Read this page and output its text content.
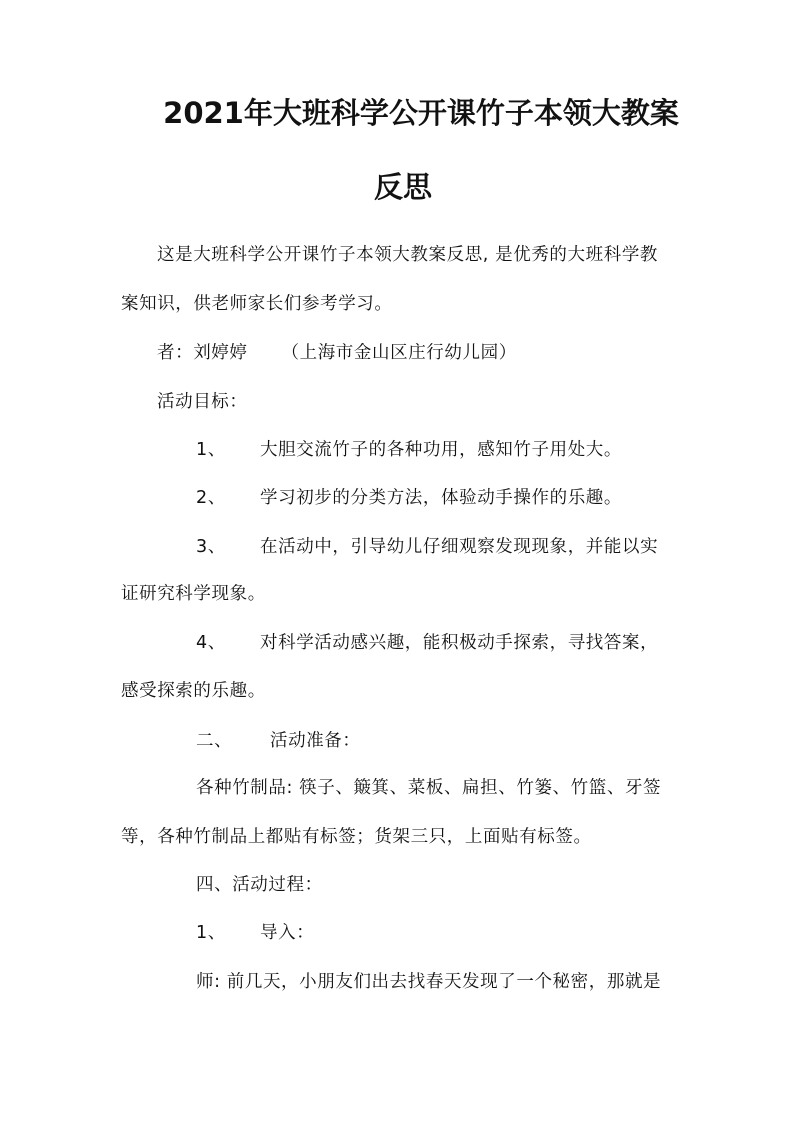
2021年大班科学公开课竹子本领大教案
反思
这是大班科学公开课竹子本领大教案反思, 是优秀的大班科学教
案知识，供老师家长们参考学习。
者：刘婷婷 （上海市金山区庄行幼儿园）
活动目标：
1、 大胆交流竹子的各种功用，感知竹子用处大。
2、 学习初步的分类方法，体验动手操作的乐趣。
3、 在活动中，引导幼儿仔细观察发现现象，并能以实
证研究科学现象。
4、 对科学活动感兴趣，能积极动手探索，寻找答案，
感受探索的乐趣。
二、 活动准备：
各种竹制品: 筷子、簸箕、菜板、扁担、竹篓、竹篮、牙签
等，各种竹制品上都贴有标签；货架三只，上面贴有标签。
四、活动过程：
1、 导入：
师: 前几天，小朋友们出去找春天发现了一个秘密，那就是
